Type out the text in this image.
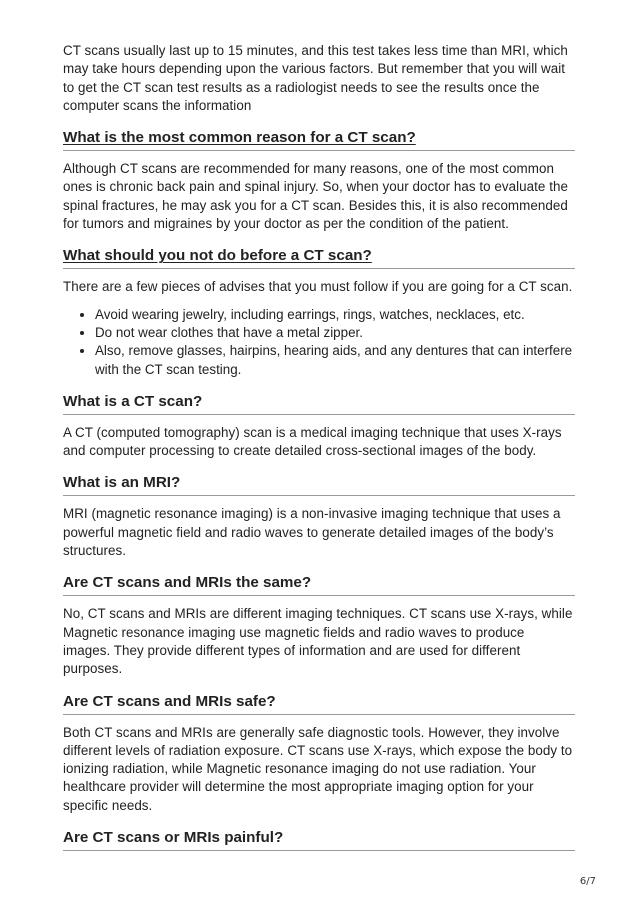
CT scans usually last up to 15 minutes, and this test takes less time than MRI, which may take hours depending upon the various factors. But remember that you will wait to get the CT scan test results as a radiologist needs to see the results once the computer scans the information

What is the most common reason for a CT scan?

Although CT scans are recommended for many reasons, one of the most common ones is chronic back pain and spinal injury. So, when your doctor has to evaluate the spinal fractures, he may ask you for a CT scan. Besides this, it is also recommended for tumors and migraines by your doctor as per the condition of the patient.

What should you not do before a CT scan?

There are a few pieces of advises that you must follow if you are going for a CT scan.

• Avoid wearing jewelry, including earrings, rings, watches, necklaces, etc.
• Do not wear clothes that have a metal zipper.
• Also, remove glasses, hairpins, hearing aids, and any dentures that can interfere with the CT scan testing.
What is a CT scan?

A CT (computed tomography) scan is a medical imaging technique that uses X-rays and computer processing to create detailed cross-sectional images of the body.

What is an MRI?

MRI (magnetic resonance imaging) is a non-invasive imaging technique that uses a powerful magnetic field and radio waves to generate detailed images of the body’s structures.

Are CT scans and MRIs the same?

No, CT scans and MRIs are different imaging techniques. CT scans use X-rays, while Magnetic resonance imaging use magnetic fields and radio waves to produce images. They provide different types of information and are used for different purposes.

Are CT scans and MRIs safe?

Both CT scans and MRIs are generally safe diagnostic tools. However, they involve different levels of radiation exposure. CT scans use X-rays, which expose the body to ionizing radiation, while Magnetic resonance imaging do not use radiation. Your healthcare provider will determine the most appropriate imaging option for your specific needs.

Are CT scans or MRIs painful?
6/7
